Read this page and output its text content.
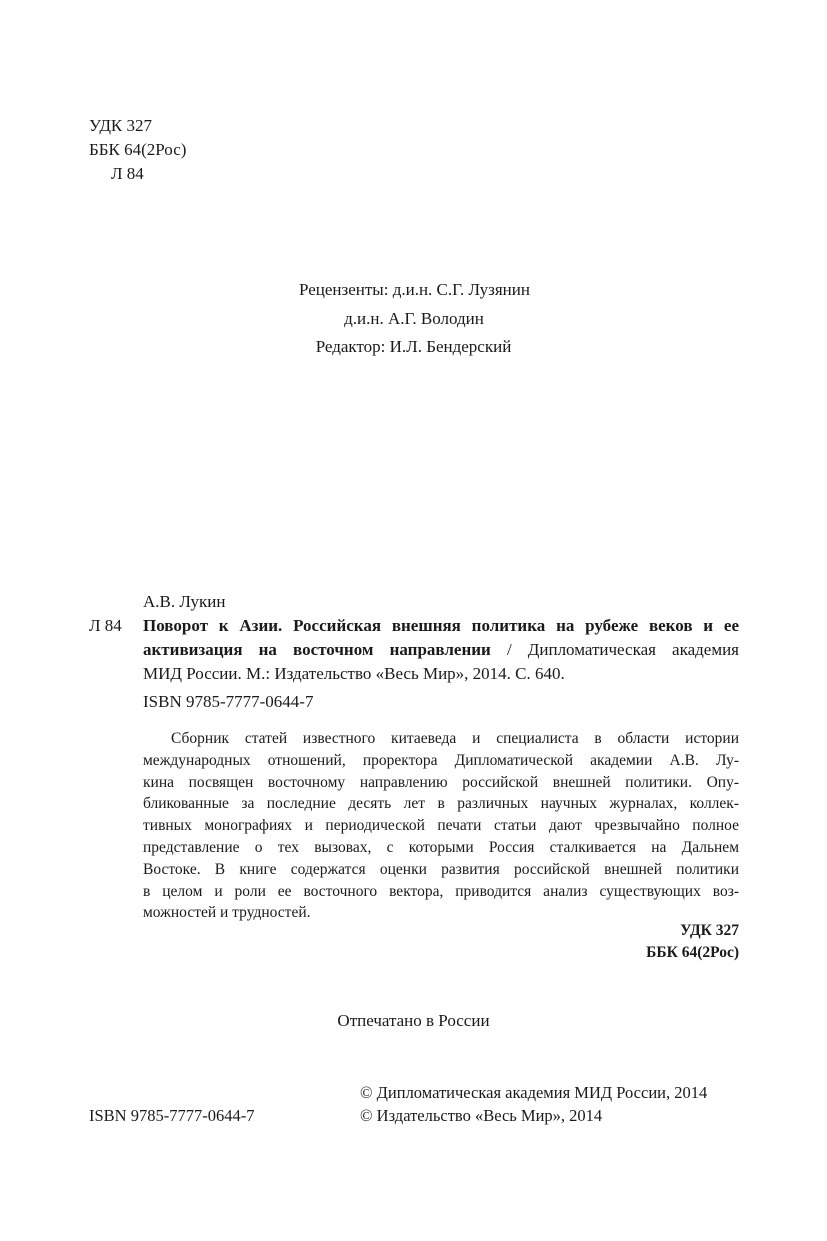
УДК 327
ББК 64(2Рос)
Л 84
Рецензенты: д.и.н. С.Г. Лузянин
д.и.н. А.Г. Володин
Редактор: И.Л. Бендерский
А.В. Лукин
Л 84 Поворот к Азии. Российская внешняя политика на рубеже веков и ее
активизация на восточном направлении / Дипломатическая академия
МИД России. М.: Издательство «Весь Мир», 2014. С. 640.
ISBN 9785-7777-0644-7
Сборник статей известного китаеведа и специалиста в области истории
международных отношений, проректора Дипломатической академии А.В. Лу-
кина посвящен восточному направлению российской внешней политики. Опу-
бликованные за последние десять лет в различных научных журналах, коллек-
тивных монографиях и периодической печати статьи дают чрезвычайно полное
представление о тех вызовах, с которыми Россия сталкивается на Дальнем
Востоке. В книге содержатся оценки развития российской внешней политики
в целом и роли ее восточного вектора, приводится анализ существующих воз-
можностей и трудностей.
УДК 327
ББК 64(2Рос)
Отпечатано в России
© Дипломатическая академия МИД России, 2014
© Издательство «Весь Мир», 2014
ISBN 9785-7777-0644-7
